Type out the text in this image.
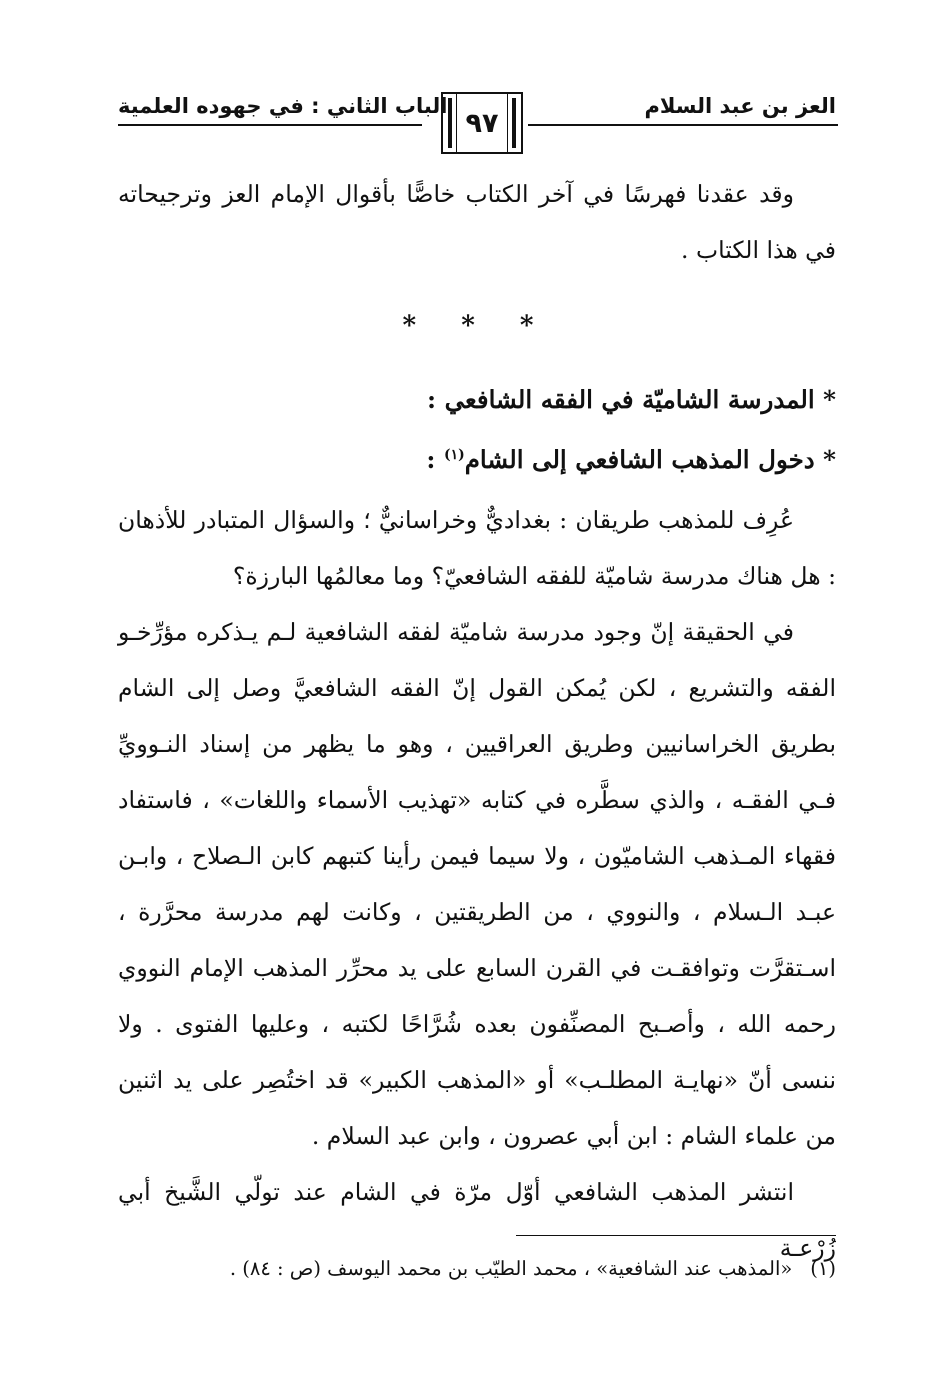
العز بن عبد السلام
٩٧
الباب الثاني : في جهوده العلمية

وقد عقدنا فهرسًا في آخر الكتاب خاصًّا بأقوال الإمام العز وترجيحاته في هذا الكتاب .

* * *

* المدرسة الشاميّة في الفقه الشافعي :

* دخول المذهب الشافعي إلى الشام$^{(١)}$ :

عُرِف للمذهب طريقان : بغداديٌّ وخراسانيٌّ ؛ والسؤال المتبادر للأذهان : هل هناك مدرسة شاميّة للفقه الشافعيّ؟ وما معالمُها البارزة؟

في الحقيقة إنّ وجود مدرسة شاميّة لفقه الشافعية لـم يـذكره مؤرِّخـو الفقه والتشريع ، لكن يُمكن القول إنّ الفقه الشافعيَّ وصل إلى الشام بطريق الخراسانيين وطريق العراقيين ، وهو ما يظهر من إسناد النـوويِّ فـي الفقـه ، والذي سطَّره في كتابه «تهذيب الأسماء واللغات» ، فاستفاد فقهاء المـذهب الشاميّون ، ولا سيما فيمن رأينا كتبهم كابن الـصلاح ، وابـن عبـد الـسلام ، والنووي ، من الطريقتين ، وكانت لهم مدرسة محرَّرة ، اسـتقرَّت وتوافقـت في القرن السابع على يد محرِّر المذهب الإمام النووي رحمه الله ، وأصـبح المصنِّفون بعده شُرَّاحًا لكتبه ، وعليها الفتوى . ولا ننسى أنّ «نهايـة المطلـب» أو «المذهب الكبير» قد اختُصِر على يد اثنين من علماء الشام : ابن أبي عصرون ، وابن عبد السلام .

انتشر المذهب الشافعي أوّل مرّة في الشام عند تولّي الشَّيخ أبي زُرْعـة

(١)«المذهب عند الشافعية» ، محمد الطيّب بن محمد اليوسف (ص : ٨٤) .
